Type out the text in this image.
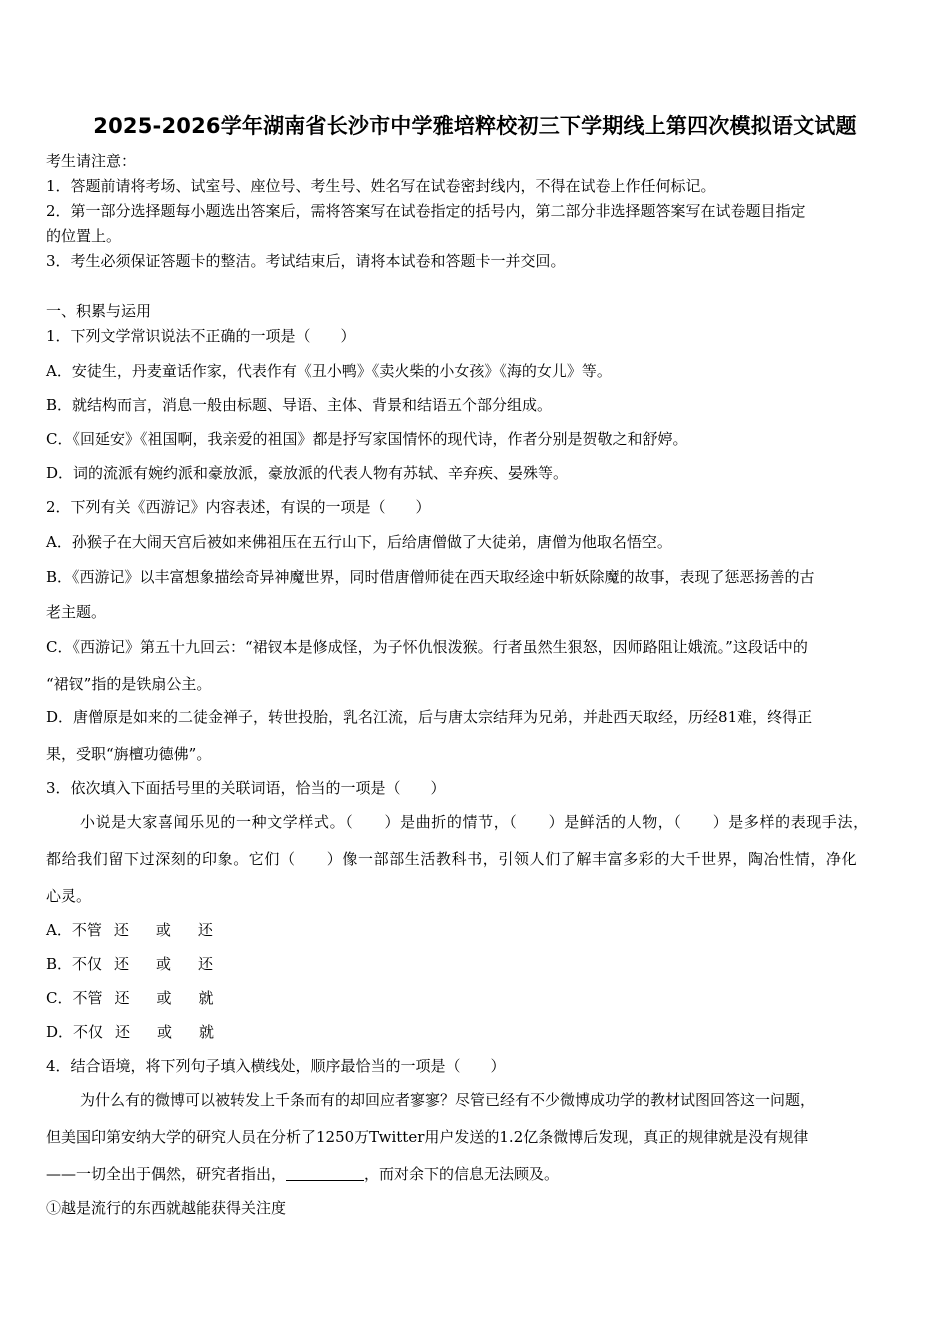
2025-2026学年湖南省长沙市中学雅培粹校初三下学期线上第四次模拟语文试题
考生请注意：
1．答题前请将考场、试室号、座位号、考生号、姓名写在试卷密封线内，不得在试卷上作任何标记。
2．第一部分选择题每小题选出答案后，需将答案写在试卷指定的括号内，第二部分非选择题答案写在试卷题目指定
的位置上。
3．考生必须保证答题卡的整洁。考试结束后，请将本试卷和答题卡一并交回。
一、积累与运用
1．下列文学常识说法不正确的一项是（　　）
A．安徒生，丹麦童话作家，代表作有《丑小鸭》《卖火柴的小女孩》《海的女儿》等。
B．就结构而言，消息一般由标题、导语、主体、背景和结语五个部分组成。
C．《回延安》《祖国啊，我亲爱的祖国》都是抒写家国情怀的现代诗，作者分别是贺敬之和舒婷。
D．词的流派有婉约派和豪放派，豪放派的代表人物有苏轼、辛弃疾、晏殊等。
2．下列有关《西游记》内容表述，有误的一项是（　　）
A．孙猴子在大闹天宫后被如来佛祖压在五行山下，后给唐僧做了大徒弟，唐僧为他取名悟空。
B．《西游记》以丰富想象描绘奇异神魔世界，同时借唐僧师徒在西天取经途中斩妖除魔的故事，表现了惩恶扬善的古
老主题。
C．《西游记》第五十九回云：“裙钗本是修成怪，为子怀仇恨泼猴。行者虽然生狠怒，因师路阻让娥流。”这段话中的
“裙钗”指的是铁扇公主。
D．唐僧原是如来的二徒金禅子，转世投胎，乳名江流，后与唐太宗结拜为兄弟，并赴西天取经，历经81难，终得正
果，受职“旃檀功德佛”。
3．依次填入下面括号里的关联词语，恰当的一项是（　　）
小说是大家喜闻乐见的一种文学样式。（　　）是曲折的情节，（　　）是鲜活的人物，（　　）是多样的表现手法，
都给我们留下过深刻的印象。它们（　　）像一部部生活教科书，引领人们了解丰富多彩的大千世界，陶冶性情，净化
心灵。
A．不管 还 或 还
B．不仅 还 或 还
C．不管 还 或 就
D．不仅 还 或 就
4．结合语境，将下列句子填入横线处，顺序最恰当的一项是（　　）
为什么有的微博可以被转发上千条而有的却回应者寥寥？尽管已经有不少微博成功学的教材试图回答这一问题，
但美国印第安纳大学的研究人员在分析了1250万Twitter用户发送的1.2亿条微博后发现，真正的规律就是没有规律
——一切全出于偶然，研究者指出，	，而对余下的信息无法顾及。
①越是流行的东西就越能获得关注度
